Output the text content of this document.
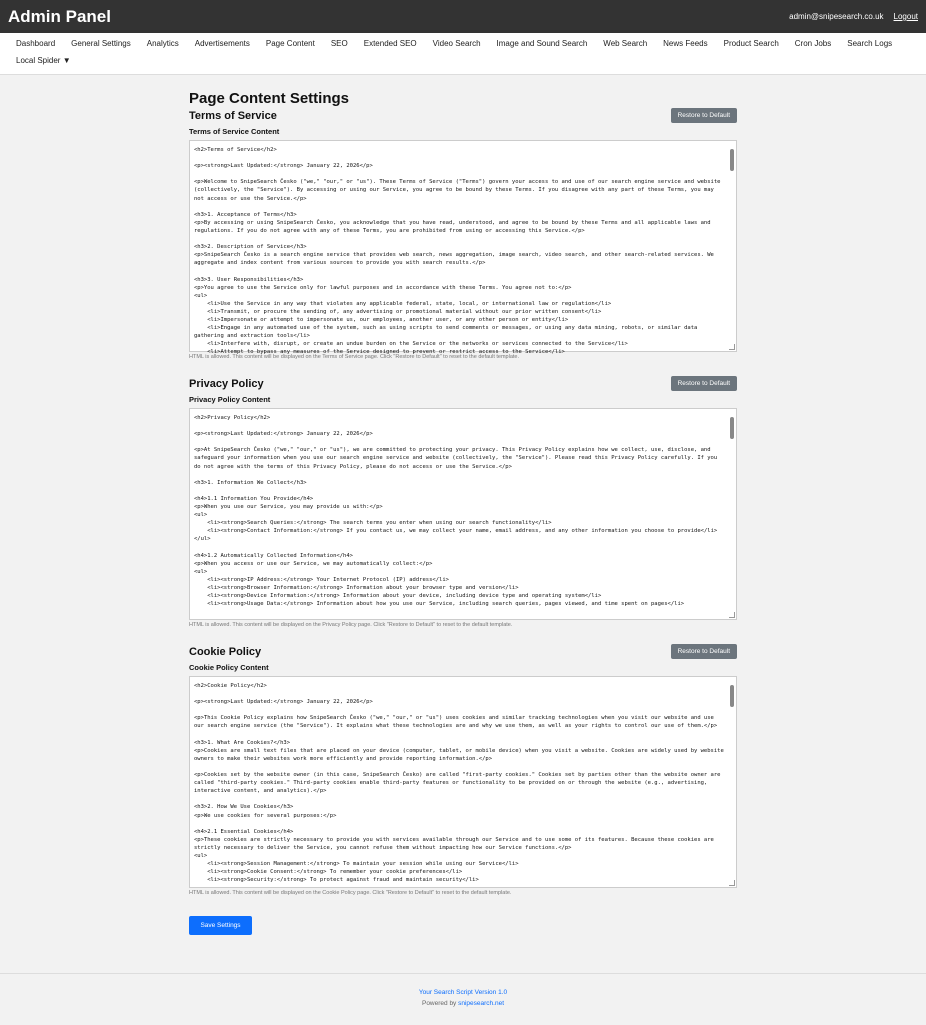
Admin Panel	admin@snipesearch.co.uk Logout
Dashboard General Settings Analytics Advertisements Page Content SEO Extended SEO Video Search Image and Sound Search Web Search News Feeds Product Search Cron Jobs Search Logs
Local Spider ▼
Page Content Settings
Terms of Service	Restore to Default
Terms of Service Content
<h2>Terms of Service</h2>

<p><strong>Last Updated:</strong> January 22, 2026</p>

<p>Welcome to SnipeSearch Česko ("we," "our," or "us"). These Terms of Service ("Terms") govern your access to and use of our search engine service and website (collectively, the "Service"). By accessing or using our Service, you agree to be bound by these Terms. If you disagree with any part of these Terms, you may not access or use the Service.</p>

<h3>1. Acceptance of Terms</h3>
<p>By accessing or using SnipeSearch Česko, you acknowledge that you have read, understood, and agree to be bound by these Terms and all applicable laws and regulations. If you do not agree with any of these Terms, you are prohibited from using or accessing this Service.</p>

<h3>2. Description of Service</h3>
<p>SnipeSearch Česko is a search engine service that provides web search, news aggregation, image search, video search, and other search-related services. We aggregate and index content from various sources to provide you with search results.</p>

<h3>3. User Responsibilities</h3>
<p>You agree to use the Service only for lawful purposes and in accordance with these Terms. You agree not to:</p>
<ul>
<li>Use the Service in any way that violates any applicable federal, state, local, or international law or regulation</li>
<li>Transmit, or procure the sending of, any advertising or promotional material without our prior written consent</li>
<li>Impersonate or attempt to impersonate us, our employees, another user, or any other person or entity</li>
<li>Engage in any automated use of the system, such as using scripts to send comments or messages, or using any data mining, robots, or similar data gathering and extraction tools</li>
<li>Interfere with, disrupt, or create an undue burden on the Service or the networks or services connected to the Service</li>
<li>Attempt to bypass any measures of the Service designed to prevent or restrict access to the Service</li>
HTML is allowed. This content will be displayed on the Terms of Service page. Click "Restore to Default" to reset to the default template.
Privacy Policy	Restore to Default
Privacy Policy Content
<h2>Privacy Policy</h2>

<p><strong>Last Updated:</strong> January 22, 2026</p>

<p>At SnipeSearch Česko ("we," "our," or "us"), we are committed to protecting your privacy. This Privacy Policy explains how we collect, use, disclose, and safeguard your information when you use our search engine service and website (collectively, the "Service"). Please read this Privacy Policy carefully. If you do not agree with the terms of this Privacy Policy, please do not access or use the Service.</p>

<h3>1. Information We Collect</h3>

<h4>1.1 Information You Provide</h4>
<p>When you use our Service, you may provide us with:</p>
<ul>
<li><strong>Search Queries:</strong> The search terms you enter when using our search functionality</li>
<li><strong>Contact Information:</strong> If you contact us, we may collect your name, email address, and any other information you choose to provide</li>
</ul>

<h4>1.2 Automatically Collected Information</h4>
<p>When you access or use our Service, we may automatically collect:</p>
<ul>
<li><strong>IP Address:</strong> Your Internet Protocol (IP) address</li>
<li><strong>Browser Information:</strong> Information about your browser type and version</li>
<li><strong>Device Information:</strong> Information about your device, including device type and operating system</li>
<li><strong>Usage Data:</strong> Information about how you use our Service, including search queries, pages viewed, and time spent on pages</li>
HTML is allowed. This content will be displayed on the Privacy Policy page. Click "Restore to Default" to reset to the default template.
Cookie Policy	Restore to Default
Cookie Policy Content
<h2>Cookie Policy</h2>

<p><strong>Last Updated:</strong> January 22, 2026</p>

<p>This Cookie Policy explains how SnipeSearch Česko ("we," "our," or "us") uses cookies and similar tracking technologies when you visit our website and use our search engine service (the "Service"). It explains what these technologies are and why we use them, as well as your rights to control our use of them.</p>

<h3>1. What Are Cookies?</h3>
<p>Cookies are small text files that are placed on your device (computer, tablet, or mobile device) when you visit a website. Cookies are widely used by website owners to make their websites work more efficiently and provide reporting information.</p>

<p>Cookies set by the website owner (in this case, SnipeSearch Česko) are called "first-party cookies." Cookies set by parties other than the website owner are called "third-party cookies." Third-party cookies enable third-party features or functionality to be provided on or through the website (e.g., advertising, interactive content, and analytics).</p>

<h3>2. How We Use Cookies</h3>
<p>We use cookies for several purposes:</p>

<h4>2.1 Essential Cookies</h4>
<p>These cookies are strictly necessary to provide you with services available through our Service and to use some of its features. Because these cookies are strictly necessary to deliver the Service, you cannot refuse them without impacting how our Service functions.</p>
<ul>
<li><strong>Session Management:</strong> To maintain your session while using our Service</li>
<li><strong>Cookie Consent:</strong> To remember your cookie preferences</li>
<li><strong>Security:</strong> To protect against fraud and maintain security</li>
HTML is allowed. This content will be displayed on the Cookie Policy page. Click "Restore to Default" to reset to the default template.
Save Settings
Your Search Script Version 1.0
Powered by snipesearch.net
